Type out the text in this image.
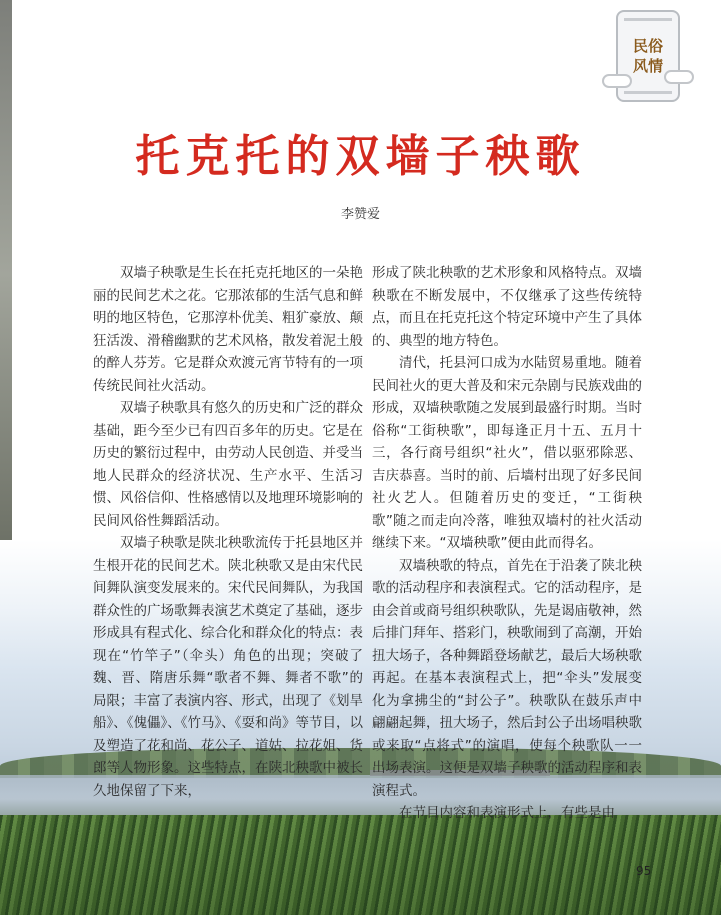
民俗
风情
托克托的双墙子秧歌
李赞爱

双墙子秧歌是生长在托克托地区的一朵艳丽的民间艺术之花。它那浓郁的生活气息和鲜明的地区特色，它那淳朴优美、粗犷豪放、颠狂活泼、滑稽幽默的艺术风格，散发着泥土般的醉人芬芳。它是群众欢渡元宵节特有的一项传统民间社火活动。

双墙子秧歌具有悠久的历史和广泛的群众基础，距今至少已有四百多年的历史。它是在历史的繁衍过程中，由劳动人民创造、并受当地人民群众的经济状况、生产水平、生活习惯、风俗信仰、性格感情以及地理环境影响的民间风俗性舞蹈活动。

双墙子秧歌是陕北秧歌流传于托县地区并生根开花的民间艺术。陕北秧歌又是由宋代民间舞队演变发展来的。宋代民间舞队，为我国群众性的广场歌舞表演艺术奠定了基础，逐步形成具有程式化、综合化和群众化的特点：表现在“竹竿子”（伞头）角色的出现；突破了魏、晋、隋唐乐舞“歌者不舞、舞者不歌”的局限；丰富了表演内容、形式，出现了《划旱船》、《傀儡》、《竹马》、《耍和尚》等节目，以及塑造了花和尚、花公子、道姑、拉花姐、货郎等人物形象。这些特点，在陕北秧歌中被长久地保留了下来，

形成了陕北秧歌的艺术形象和风格特点。双墙秧歌在不断发展中，不仅继承了这些传统特点，而且在托克托这个特定环境中产生了具体的、典型的地方特色。

清代，托县河口成为水陆贸易重地。随着民间社火的更大普及和宋元杂剧与民族戏曲的形成，双墙秧歌随之发展到最盛行时期。当时俗称“工街秧歌”，即每逢正月十五、五月十三，各行商号组织“社火”，借以驱邪除恶、吉庆恭喜。当时的前、后墙村出现了好多民间社火艺人。但随着历史的变迁，“工街秧歌”随之而走向冷落，唯独双墙村的社火活动继续下来。“双墙秧歌”便由此而得名。

双墙秧歌的特点，首先在于沿袭了陕北秧歌的活动程序和表演程式。它的活动程序，是由会首或商号组织秧歌队，先是谒庙敬神，然后排门拜年、搭彩门，秧歌闹到了高潮，开始扭大场子，各种舞蹈登场献艺，最后大场秧歌再起。在基本表演程式上，把“伞头”发展变化为拿拂尘的“封公子”。秧歌队在鼓乐声中翩翩起舞，扭大场子，然后封公子出场唱秧歌或来取“点将式”的演唱，使每个秧歌队一一出场表演。这便是双墙子秧歌的活动程序和表演程式。

在节目内容和表演形式上，有些是由

95
